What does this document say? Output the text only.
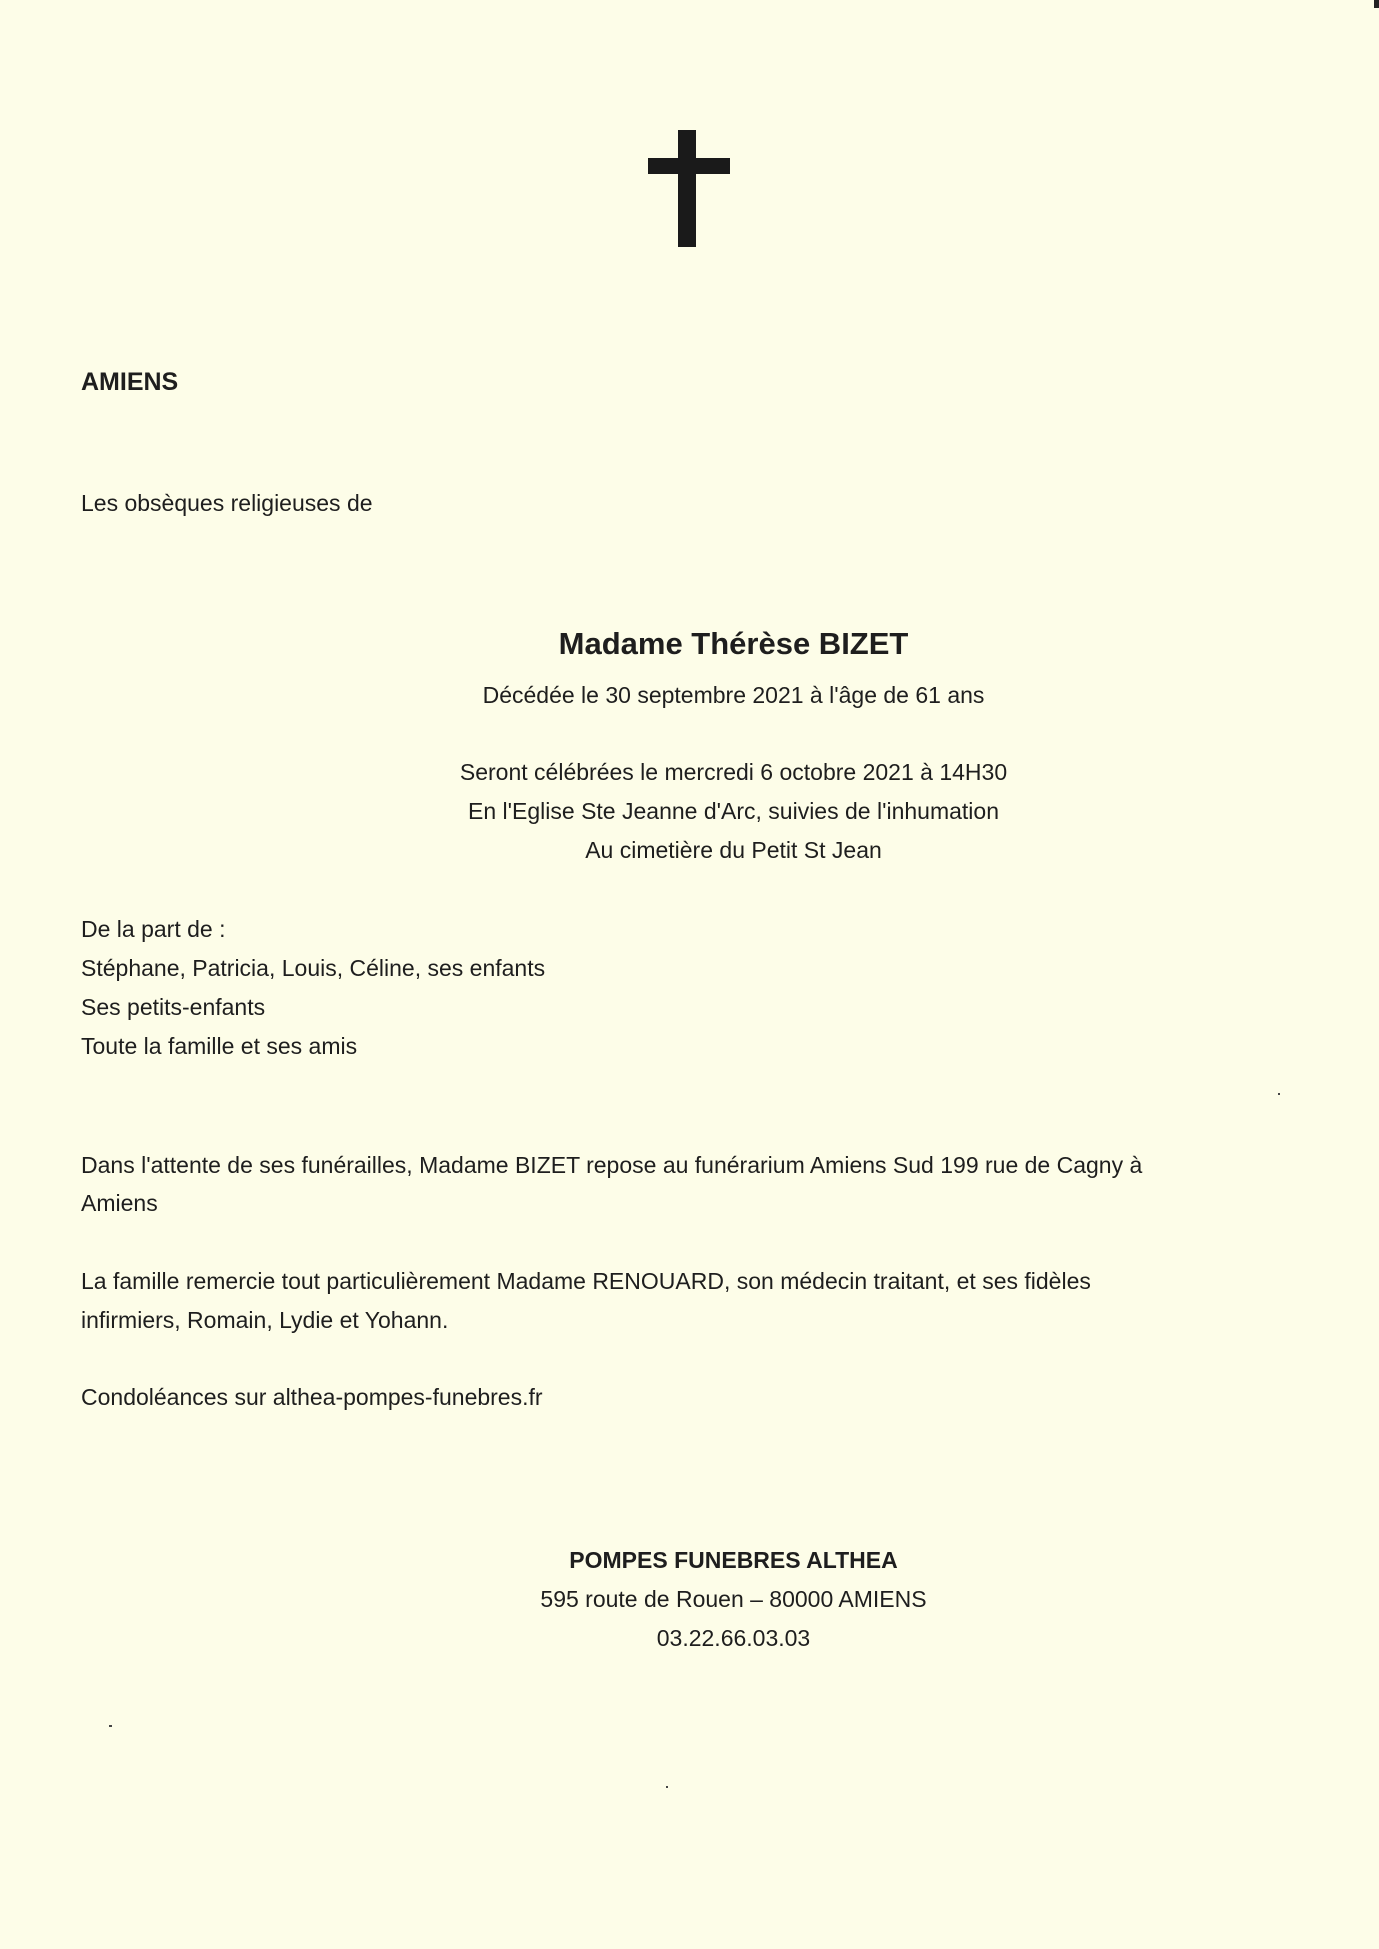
AMIENS
Les obsèques religieuses de
Madame Thérèse BIZET
Décédée le 30 septembre 2021 à l'âge de 61 ans
Seront célébrées le mercredi 6 octobre 2021 à 14H30
En l'Eglise Ste Jeanne d'Arc, suivies de l'inhumation
Au cimetière du Petit St Jean
De la part de :
Stéphane, Patricia, Louis, Céline, ses enfants
Ses petits-enfants
Toute la famille et ses amis
Dans l'attente de ses funérailles, Madame BIZET repose au funérarium Amiens Sud 199 rue de Cagny à
Amiens
La famille remercie tout particulièrement Madame RENOUARD, son médecin traitant, et ses fidèles
infirmiers, Romain, Lydie et Yohann.
Condoléances sur althea-pompes-funebres.fr
POMPES FUNEBRES ALTHEA
595 route de Rouen – 80000 AMIENS
03.22.66.03.03
